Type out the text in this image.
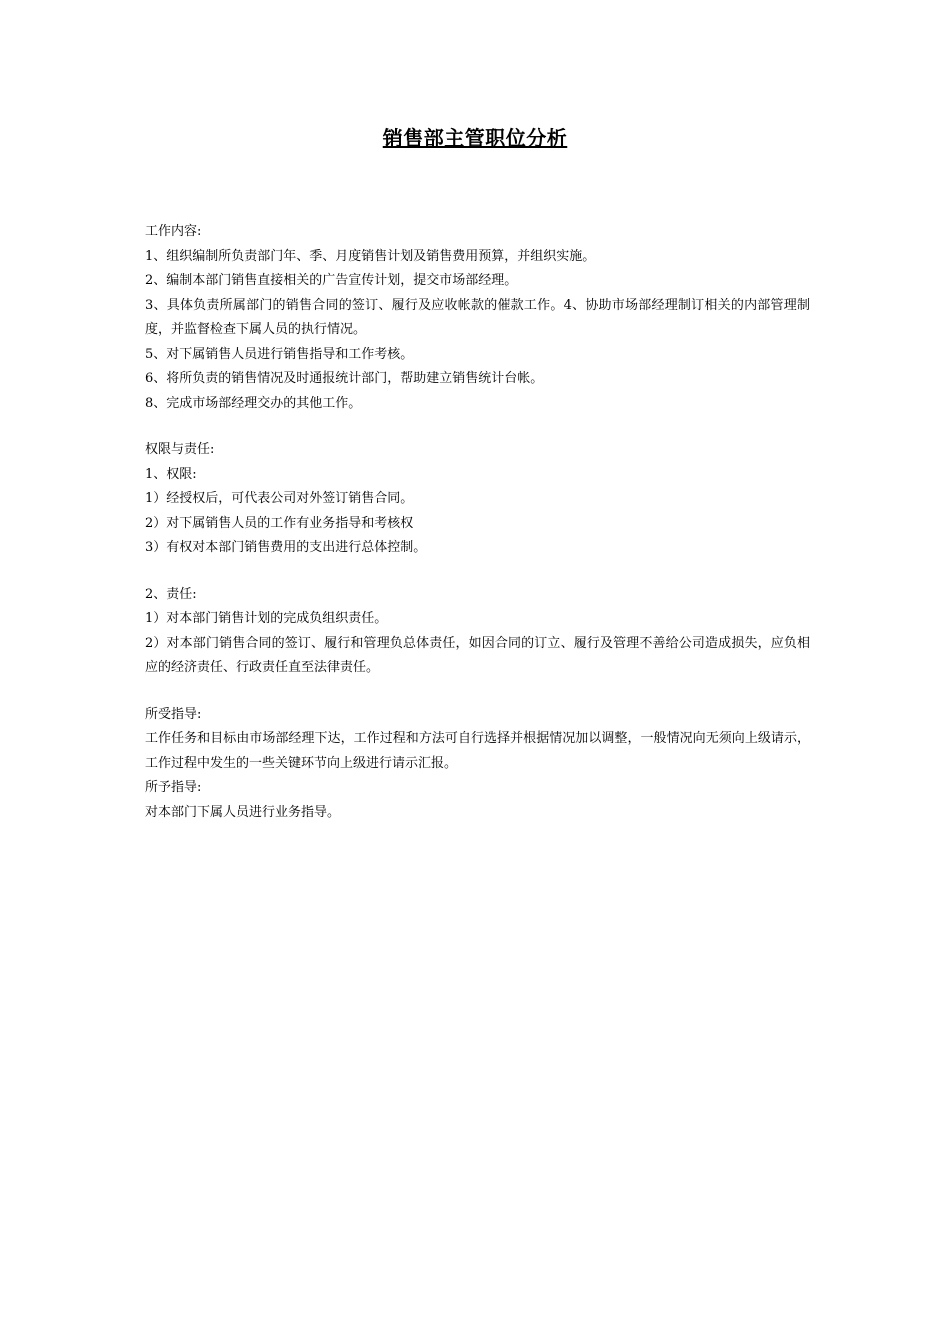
销售部主管职位分析

工作内容:

1、组织编制所负责部门年、季、月度销售计划及销售费用预算，并组织实施。

2、编制本部门销售直接相关的广告宣传计划，提交市场部经理。

3、具体负责所属部门的销售合同的签订、履行及应收帐款的催款工作。4、协助市场部经理制订相关的内部管理制度，并监督检查下属人员的执行情况。

5、对下属销售人员进行销售指导和工作考核。

6、将所负责的销售情况及时通报统计部门，帮助建立销售统计台帐。

8、完成市场部经理交办的其他工作。

权限与责任:

1、权限:

1）经授权后，可代表公司对外签订销售合同。

2）对下属销售人员的工作有业务指导和考核权

3）有权对本部门销售费用的支出进行总体控制。

2、责任:

1）对本部门销售计划的完成负组织责任。

2）对本部门销售合同的签订、履行和管理负总体责任，如因合同的订立、履行及管理不善给公司造成损失，应负相应的经济责任、行政责任直至法律责任。

所受指导:

工作任务和目标由市场部经理下达，工作过程和方法可自行选择并根据情况加以调整，一般情况向无须向上级请示，工作过程中发生的一些关键环节向上级进行请示汇报。

所予指导:

对本部门下属人员进行业务指导。
